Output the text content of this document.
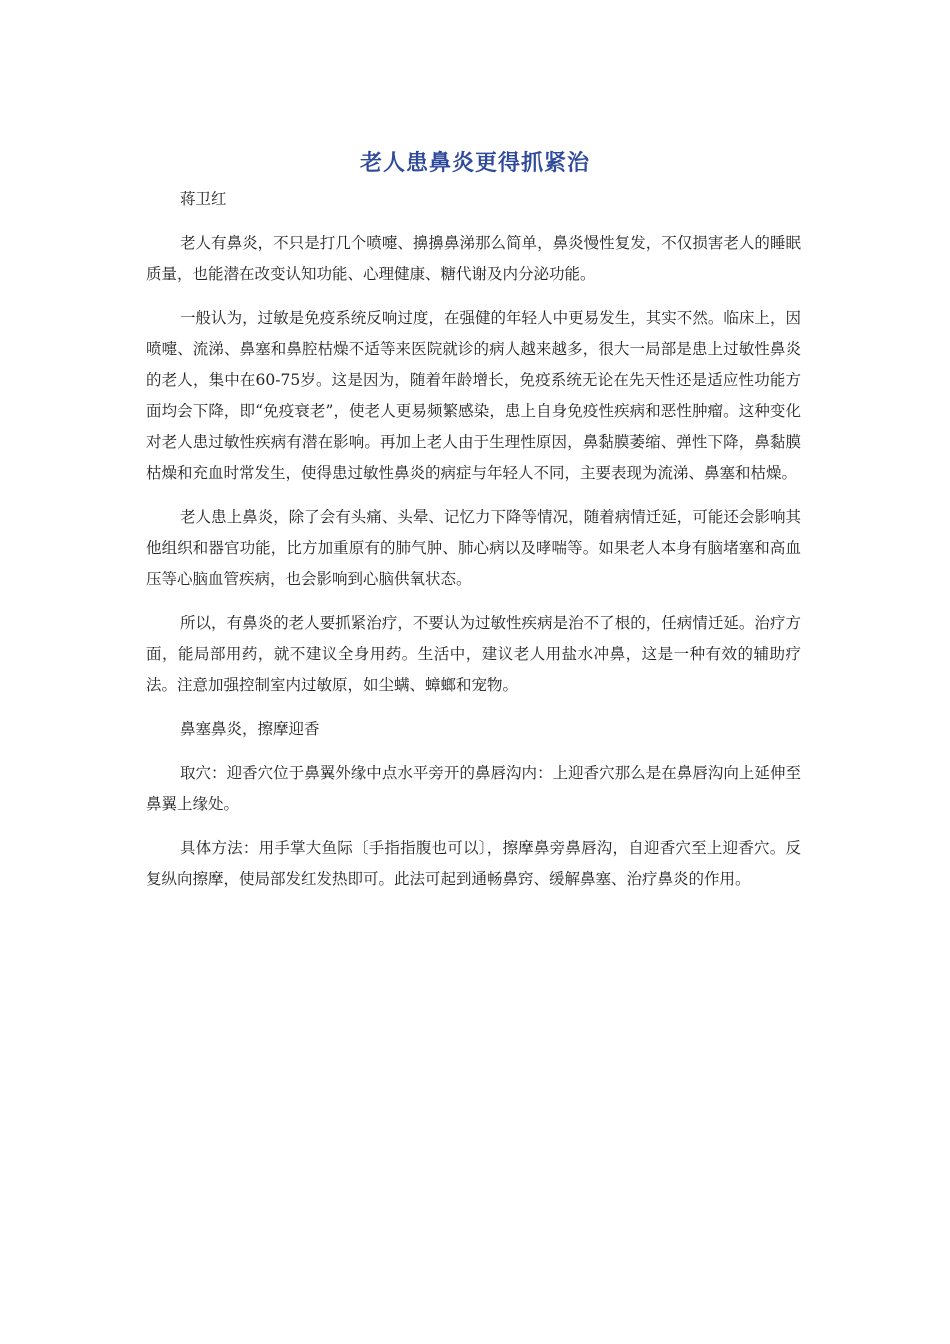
老人患鼻炎更得抓紧治

蒋卫红

老人有鼻炎，不只是打几个喷嚏、擤擤鼻涕那么简单，鼻炎慢性复发，不仅损害老人的睡眠质量，也能潜在改变认知功能、心理健康、糖代谢及内分泌功能。

一般认为，过敏是免疫系统反响过度，在强健的年轻人中更易发生，其实不然。临床上，因喷嚏、流涕、鼻塞和鼻腔枯燥不适等来医院就诊的病人越来越多，很大一局部是患上过敏性鼻炎的老人，集中在60-75岁。这是因为，随着年龄增长，免疫系统无论在先天性还是适应性功能方面均会下降，即“免疫衰老”，使老人更易频繁感染，患上自身免疫性疾病和恶性肿瘤。这种变化对老人患过敏性疾病有潜在影响。再加上老人由于生理性原因，鼻黏膜萎缩、弹性下降，鼻黏膜枯燥和充血时常发生，使得患过敏性鼻炎的病症与年轻人不同，主要表现为流涕、鼻塞和枯燥。

老人患上鼻炎，除了会有头痛、头晕、记忆力下降等情况，随着病情迁延，可能还会影响其他组织和器官功能，比方加重原有的肺气肿、肺心病以及哮喘等。如果老人本身有脑堵塞和高血压等心脑血管疾病，也会影响到心脑供氧状态。

所以，有鼻炎的老人要抓紧治疗，不要认为过敏性疾病是治不了根的，任病情迁延。治疗方面，能局部用药，就不建议全身用药。生活中，建议老人用盐水冲鼻，这是一种有效的辅助疗法。注意加强控制室内过敏原，如尘螨、蟑螂和宠物。

鼻塞鼻炎，擦摩迎香

取穴：迎香穴位于鼻翼外缘中点水平旁开的鼻唇沟内：上迎香穴那么是在鼻唇沟向上延伸至鼻翼上缘处。

具体方法：用手掌大鱼际〔手指指腹也可以〕，擦摩鼻旁鼻唇沟，自迎香穴至上迎香穴。反复纵向擦摩，使局部发红发热即可。此法可起到通畅鼻窍、缓解鼻塞、治疗鼻炎的作用。
